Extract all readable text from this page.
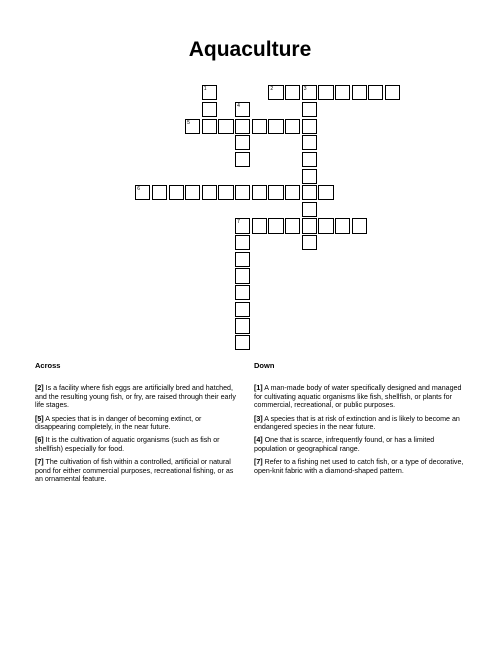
Aquaculture
1	2	3
4
5
6
7
Across
[2] Is a facility where fish eggs are artificially bred and hatched, and the resulting young fish, or fry, are raised through their early life stages.
[5] A species that is in danger of becoming extinct, or disappearing completely, in the near future.
[6] It is the cultivation of aquatic organisms (such as fish or shellfish) especially for food.
[7] The cultivation of fish within a controlled, artificial or natural pond for either commercial purposes, recreational fishing, or as an ornamental feature.
Down
[1] A man-made body of water specifically designed and managed for cultivating aquatic organisms like fish, shellfish, or plants for commercial, recreational, or public purposes.
[3] A species that is at risk of extinction and is likely to become an endangered species in the near future.
[4] One that is scarce, infrequently found, or has a limited population or geographical range.
[7] Refer to a fishing net used to catch fish, or a type of decorative, open-knit fabric with a diamond-shaped pattern.
